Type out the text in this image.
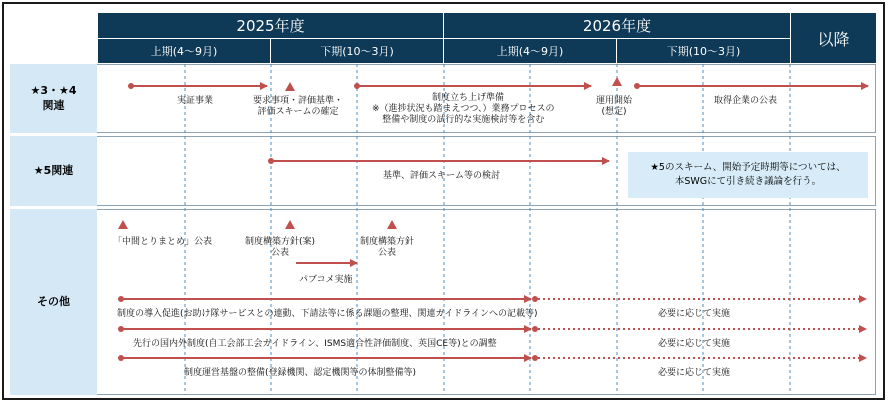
2025年度	2026年度
以降
上期(4～9月)	下期(10～3月)	上期(4～9月)	下期(10～3月)
★3・★4
関連
★5関連
その他
実証事業	要求事項・評価基準・
評価スキームの確定
制度立ち上げ準備
※（進捗状況も踏まえつつ、）業務プロセスの
整備や制度の試行的な実施検討等を含む
運用開始
(想定)
取得企業の公表
基準、評価スキーム等の検討
★5のスキーム、開始予定時期等については、
本SWGにて引き続き議論を行う。
「中間とりまとめ」公表	制度構築方針(案)
公表
制度構築方針
公表
パブコメ実施
制度の導入促進(お助け隊サービスとの連動、下請法等に係る課題の整理、関連ガイドラインへの記載等)
先行の国内外制度(自工会部工会ガイドライン、ISMS適合性評価制度、英国CE等)との調整
制度運営基盤の整備(登録機関、認定機関等の体制整備等)
必要に応じて実施
必要に応じて実施
必要に応じて実施
